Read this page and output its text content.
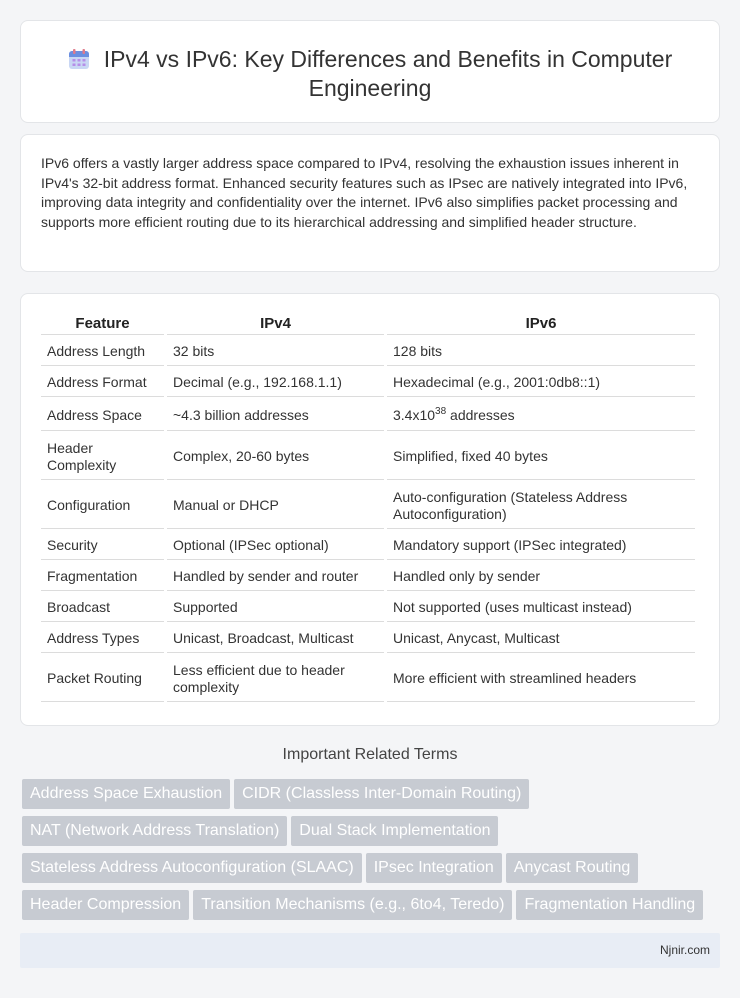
IPv4 vs IPv6: Key Differences and Benefits in Computer Engineering

IPv6 offers a vastly larger address space compared to IPv4, resolving the exhaustion issues inherent in IPv4's 32-bit address format. Enhanced security features such as IPsec are natively integrated into IPv6, improving data integrity and confidentiality over the internet. IPv6 also simplifies packet processing and supports more efficient routing due to its hierarchical addressing and simplified header structure.

Feature	IPv4	IPv6
Address Length	32 bits	128 bits
Address Format	Decimal (e.g., 192.168.1.1)	Hexadecimal (e.g., 2001:0db8::1)
Address Space	~4.3 billion addresses	$3.4x10^{38}$ addresses
Header Complexity	Complex, 20-60 bytes	Simplified, fixed 40 bytes
Configuration	Manual or DHCP	Auto-configuration (Stateless Address Autoconfiguration)
Security	Optional (IPSec optional)	Mandatory support (IPSec integrated)
Fragmentation	Handled by sender and router	Handled only by sender
Broadcast	Supported	Not supported (uses multicast instead)
Address Types	Unicast, Broadcast, Multicast	Unicast, Anycast, Multicast
Packet Routing	Less efficient due to header complexity	More efficient with streamlined headers
Important Related Terms
Address Space Exhaustion CIDR (Classless Inter-Domain Routing)
NAT (Network Address Translation) Dual Stack Implementation
Stateless Address Autoconfiguration (SLAAC) IPsec Integration Anycast Routing
Header Compression Transition Mechanisms (e.g., 6to4, Teredo) Fragmentation Handling
Njnir.com
